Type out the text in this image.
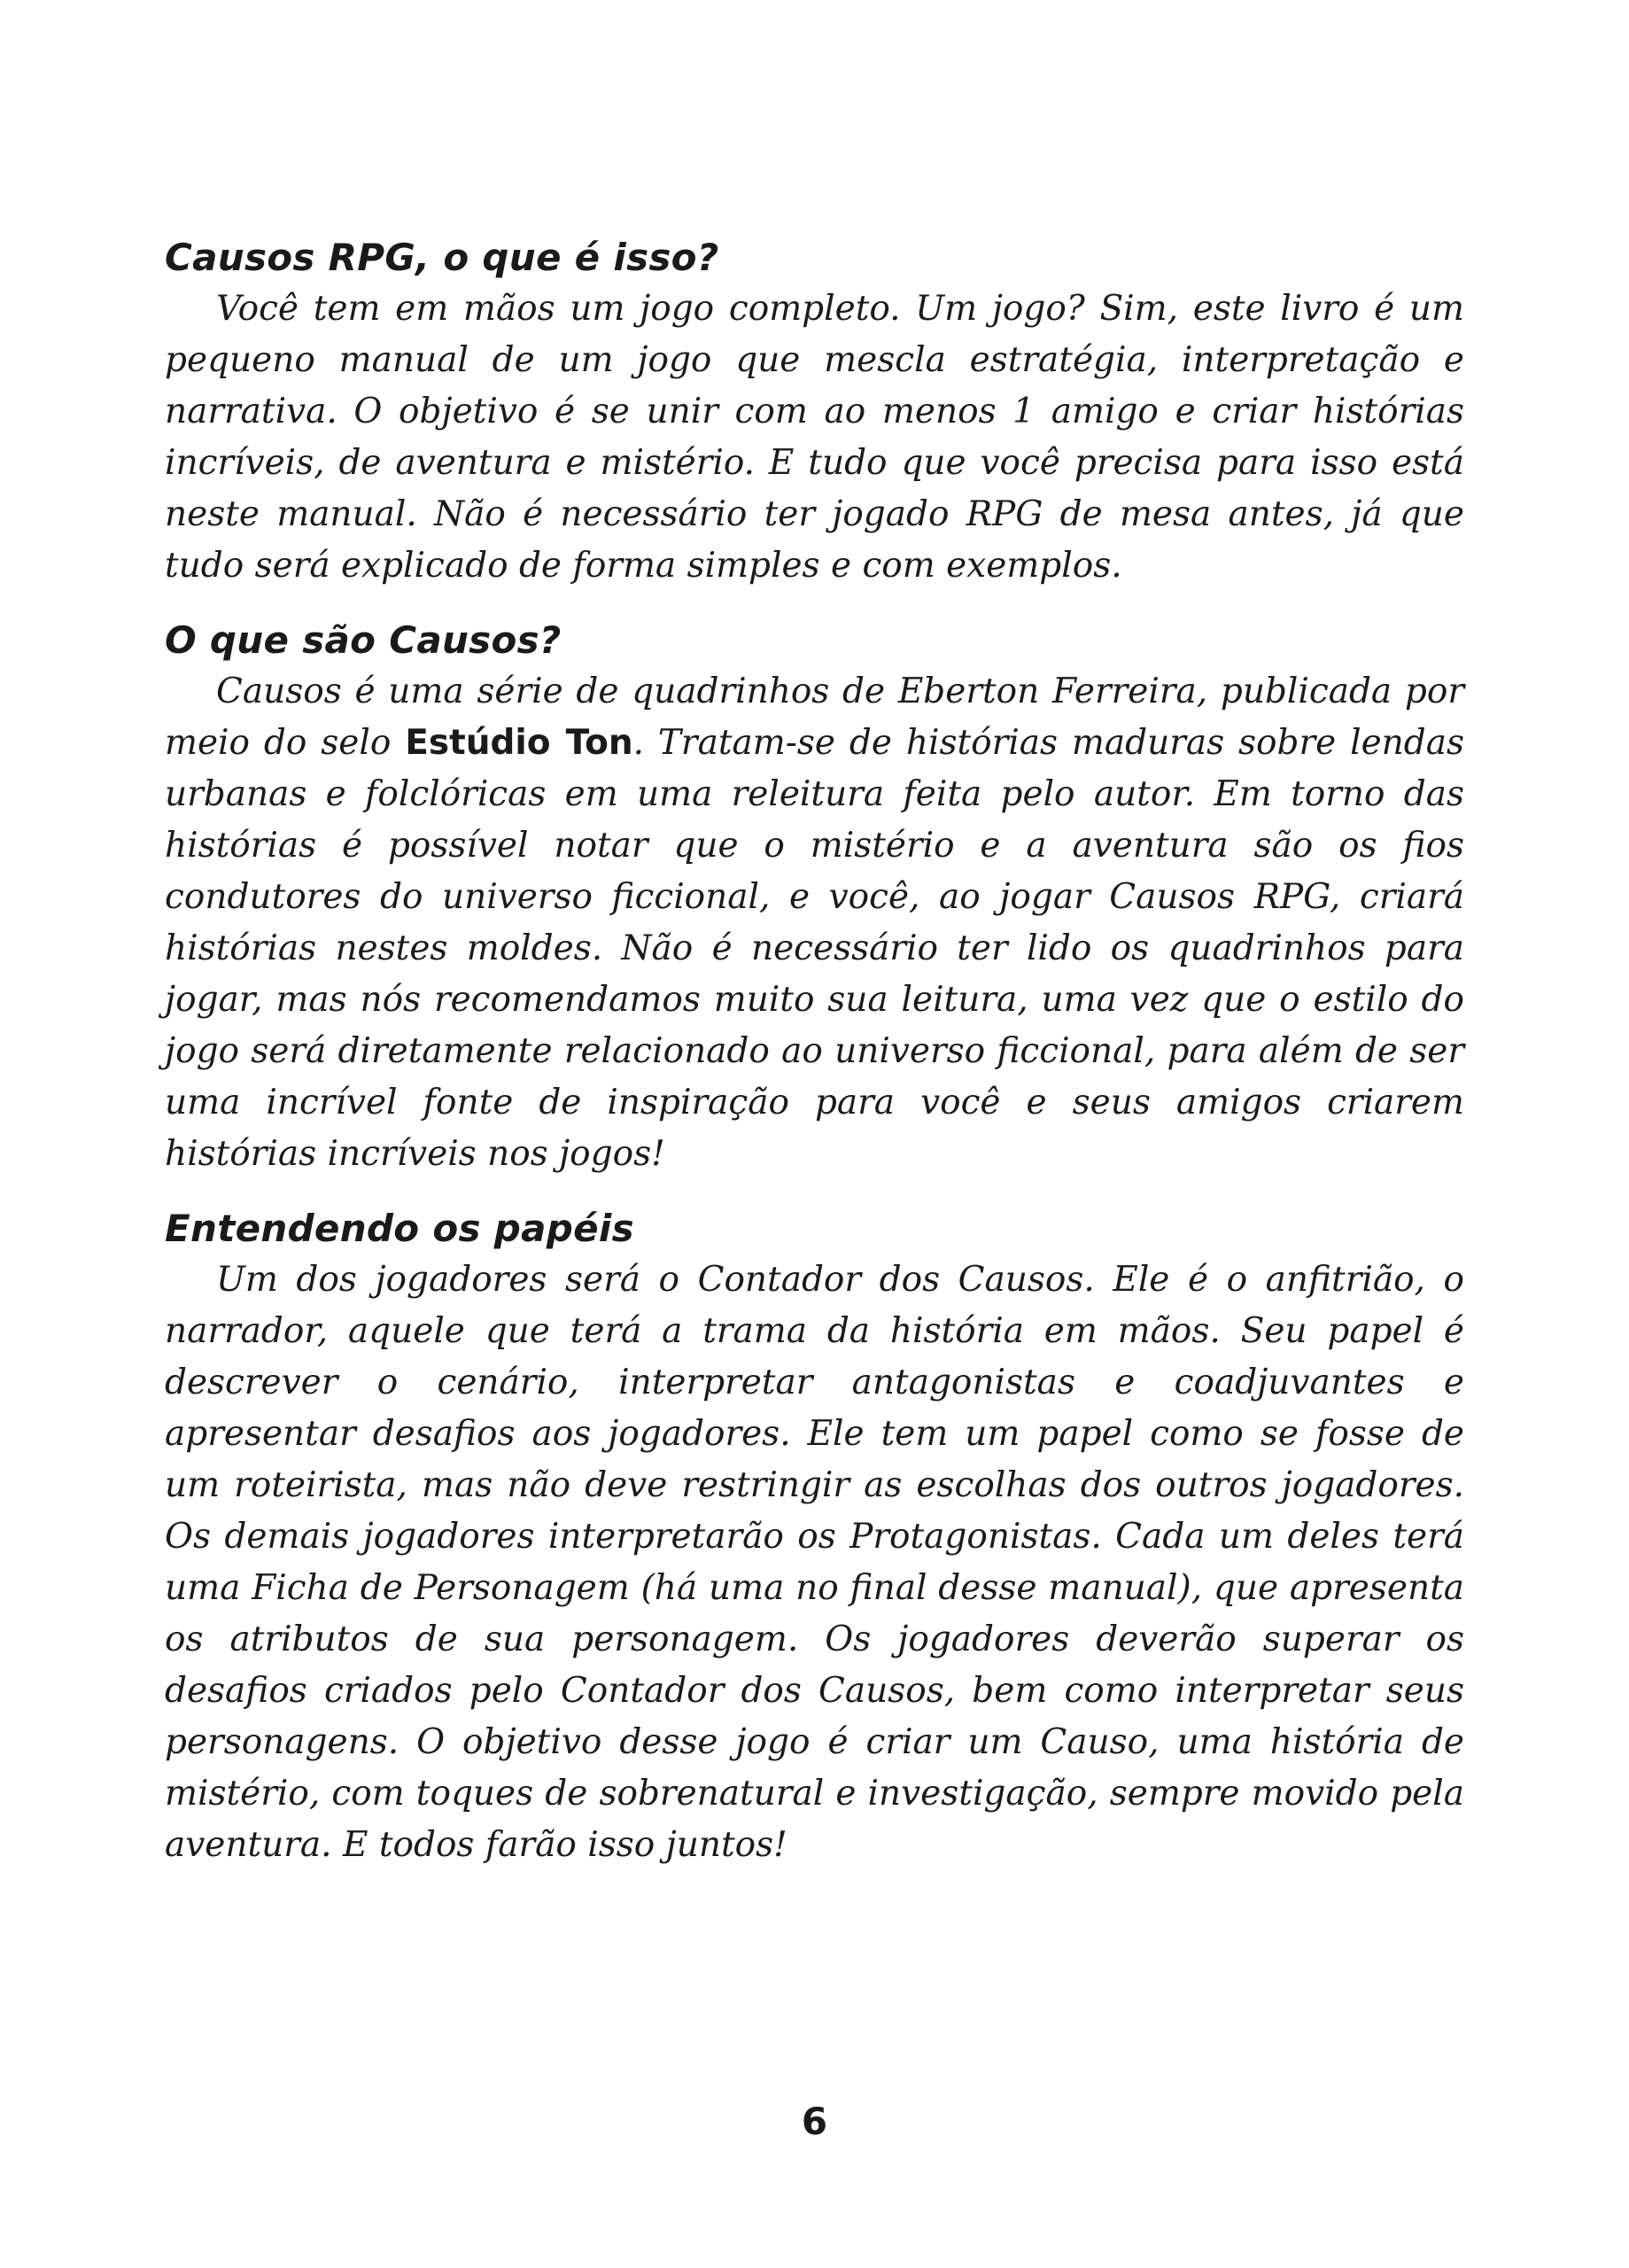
Causos RPG, o que é isso?

Você tem em mãos um jogo completo. Um jogo? Sim, este livro é um pequeno manual de um jogo que mescla estratégia, interpretação e narrativa. O objetivo é se unir com ao menos 1 amigo e criar histórias incríveis, de aventura e mistério. E tudo que você precisa para isso está neste manual. Não é necessário ter jogado RPG de mesa antes, já que tudo será explicado de forma simples e com exemplos.

O que são Causos?

Causos é uma série de quadrinhos de Eberton Ferreira, publicada por meio do selo Estúdio Ton. Tratam-se de histórias maduras sobre lendas urbanas e folclóricas em uma releitura feita pelo autor. Em torno das histórias é possível notar que o mistério e a aventura são os fios condutores do universo ficcional, e você, ao jogar Causos RPG, criará histórias nestes moldes. Não é necessário ter lido os quadrinhos para jogar, mas nós recomendamos muito sua leitura, uma vez que o estilo do jogo será diretamente relacionado ao universo ficcional, para além de ser uma incrível fonte de inspiração para você e seus amigos criarem histórias incríveis nos jogos!

Entendendo os papéis

Um dos jogadores será o Contador dos Causos. Ele é o anfitrião, o narrador, aquele que terá a trama da história em mãos. Seu papel é descrever o cenário, interpretar antagonistas e coadjuvantes e apresentar desafios aos jogadores. Ele tem um papel como se fosse de um roteirista, mas não deve restringir as escolhas dos outros jogadores. Os demais jogadores interpretarão os Protagonistas. Cada um deles terá uma Ficha de Personagem (há uma no final desse manual), que apresenta os atributos de sua personagem. Os jogadores deverão superar os desafios criados pelo Contador dos Causos, bem como interpretar seus personagens. O objetivo desse jogo é criar um Causo, uma história de mistério, com toques de sobrenatural e investigação, sempre movido pela aventura. E todos farão isso juntos!

6
